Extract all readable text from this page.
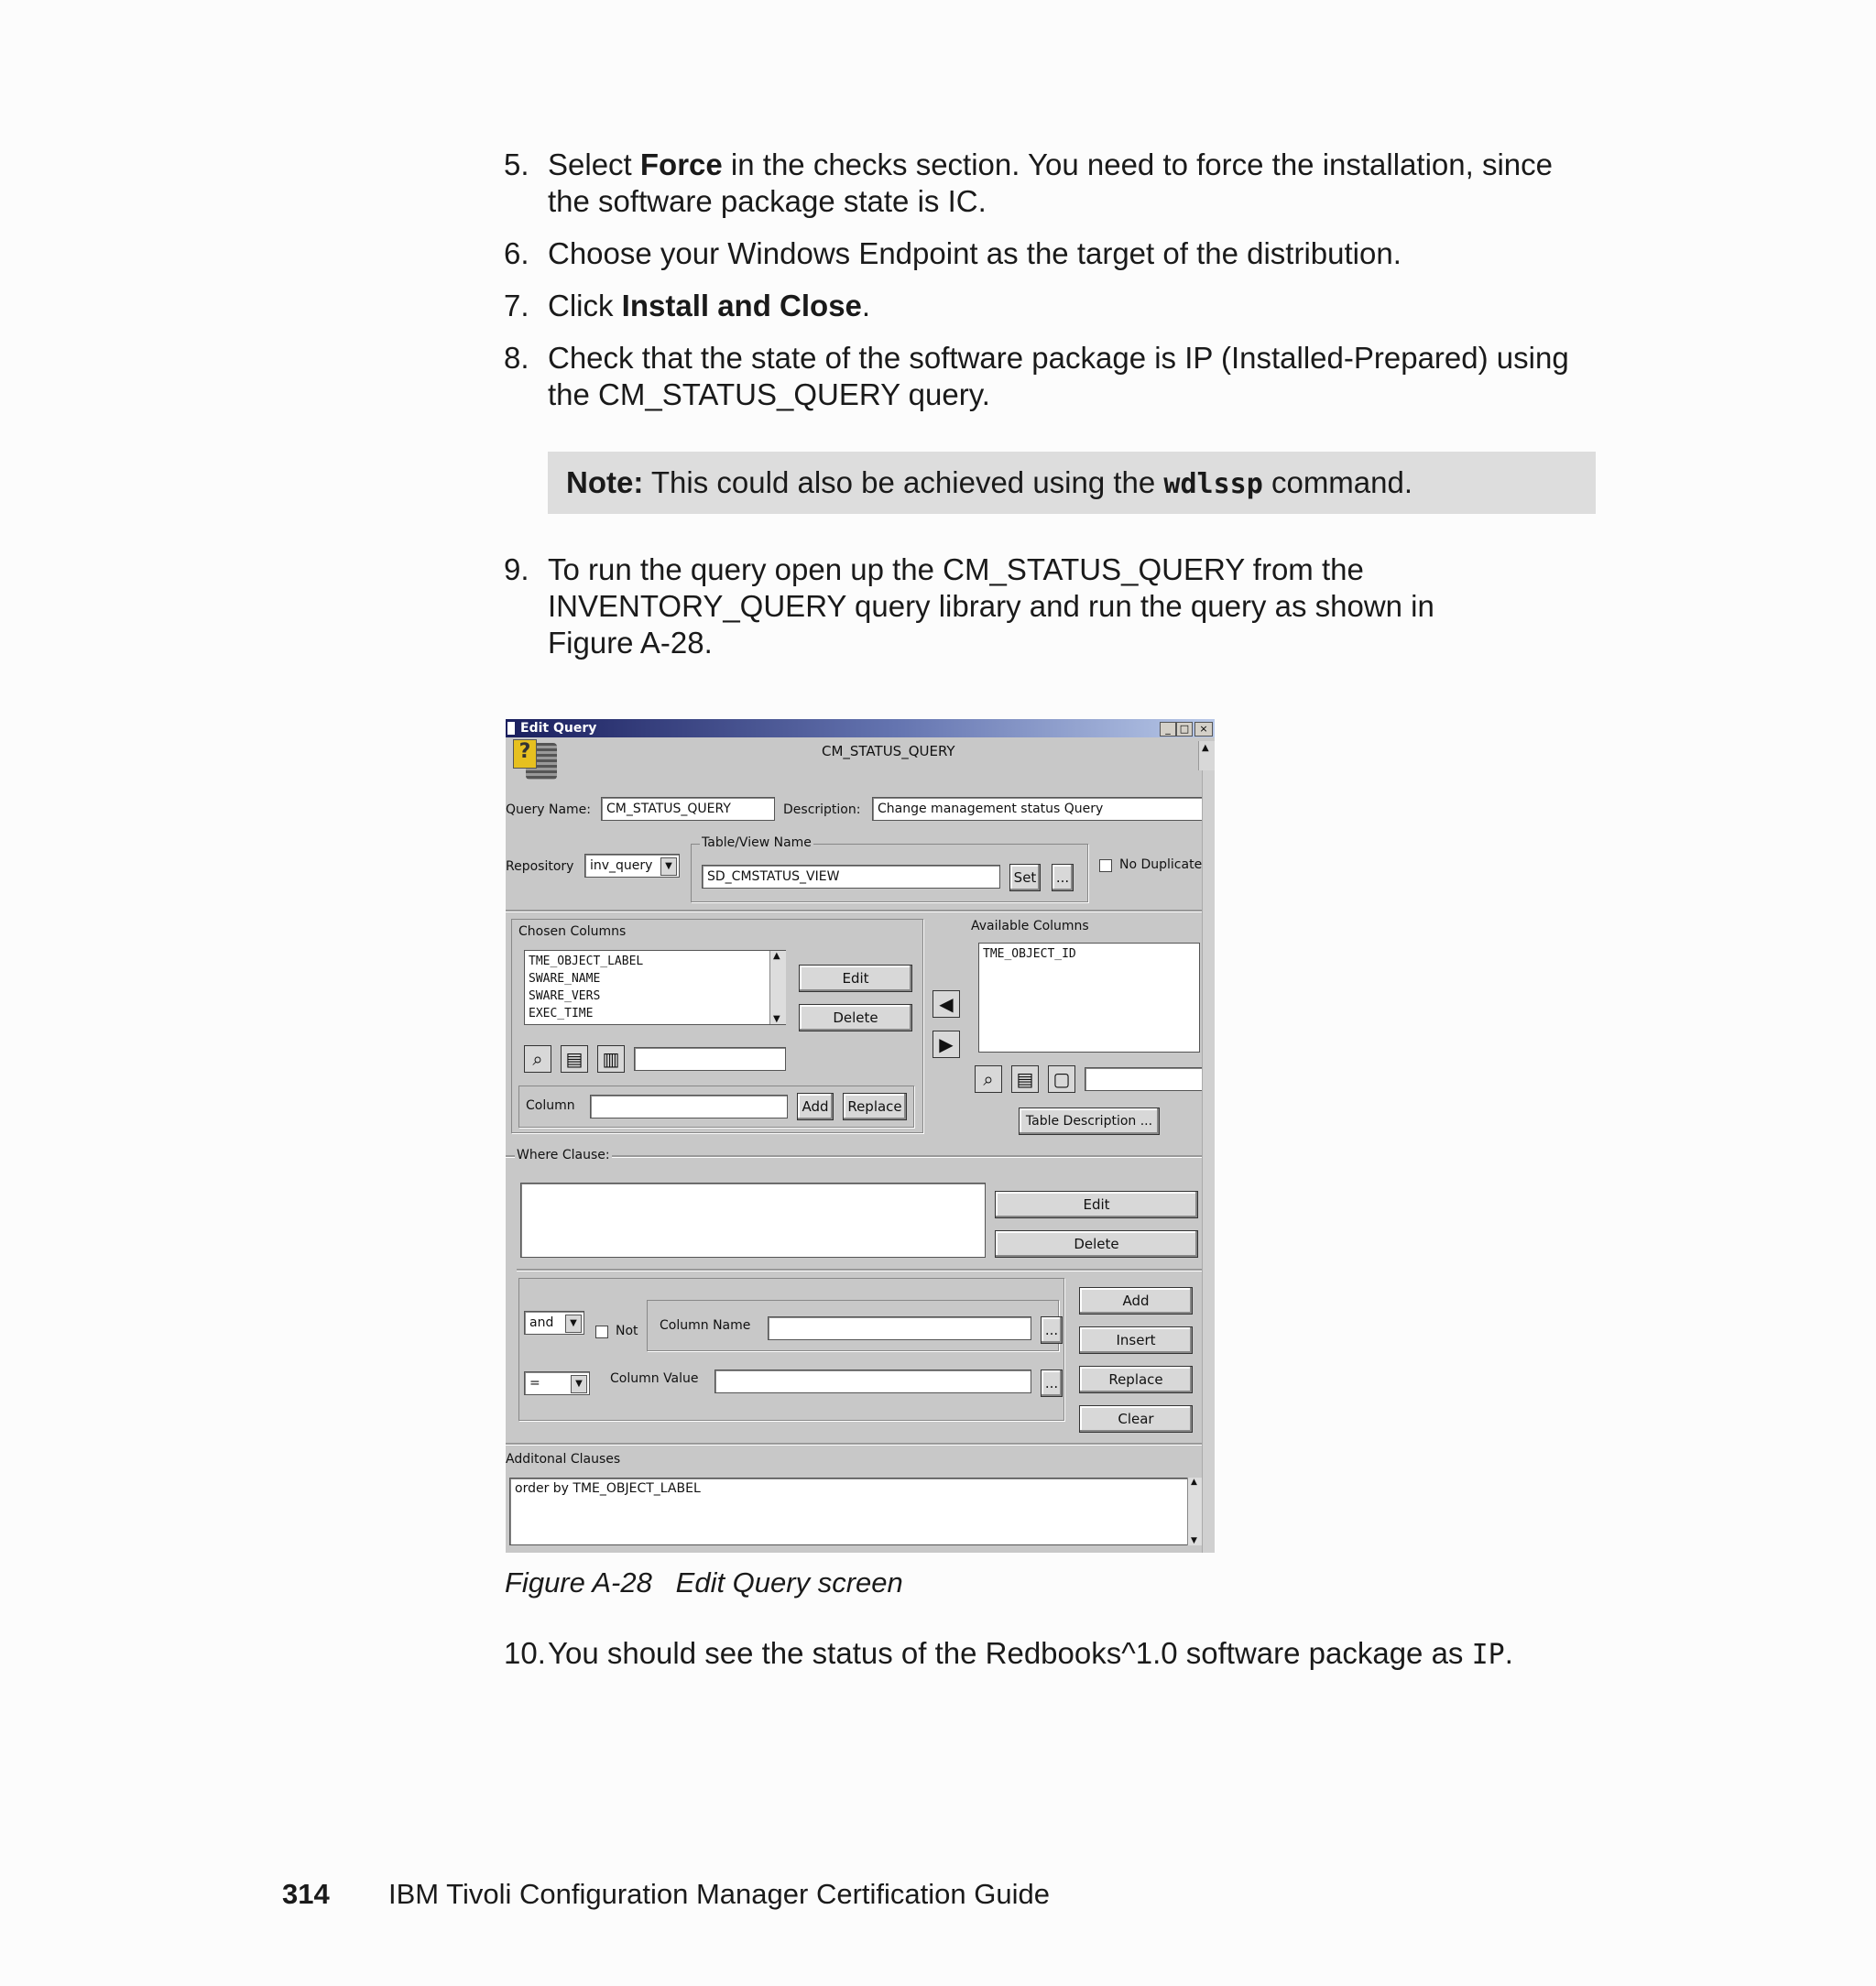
5. Select Force in the checks section. You need to force the installation, since
the software package state is IC.
6. Choose your Windows Endpoint as the target of the distribution.
7. Click Install and Close.
8. Check that the state of the software package is IP (Installed-Prepared) using
the CM_STATUS_QUERY query.
Note: This could also be achieved using the wdlssp command.
9. To run the query open up the CM_STATUS_QUERY from the
INVENTORY_QUERY query library and run the query as shown in
Figure A-28.
Edit Query	_ □	×
?	CM_STATUS_QUERY	▲
Query Name:	CM_STATUS_QUERY	Description:	Change management status Query
Repository	inv_query	▼
Table/View Name
SD_CMSTATUS_VIEW	Set	...
No Duplicate
Chosen Columns
TME_OBJECT_LABEL
SWARE_NAME
SWARE_VERS
EXEC_TIME
▲
▼
Edit
Delete
⌕	▤ ▥
Column	Add	Replace
◀
▶
Available Columns
TME_OBJECT_ID
⌕	▤ ▢
Table Description ...
Where Clause:
Edit
Delete
and	▼
Not Column Name	...
=	▼	Column Value	...
Add
Insert
Replace
Clear
Additonal Clauses
order by TME_OBJECT_LABEL	▲
▼
Figure A-28   Edit Query screen
10. You should see the status of the Redbooks^1.0 software package as IP.
314 IBM Tivoli Configuration Manager Certification Guide
